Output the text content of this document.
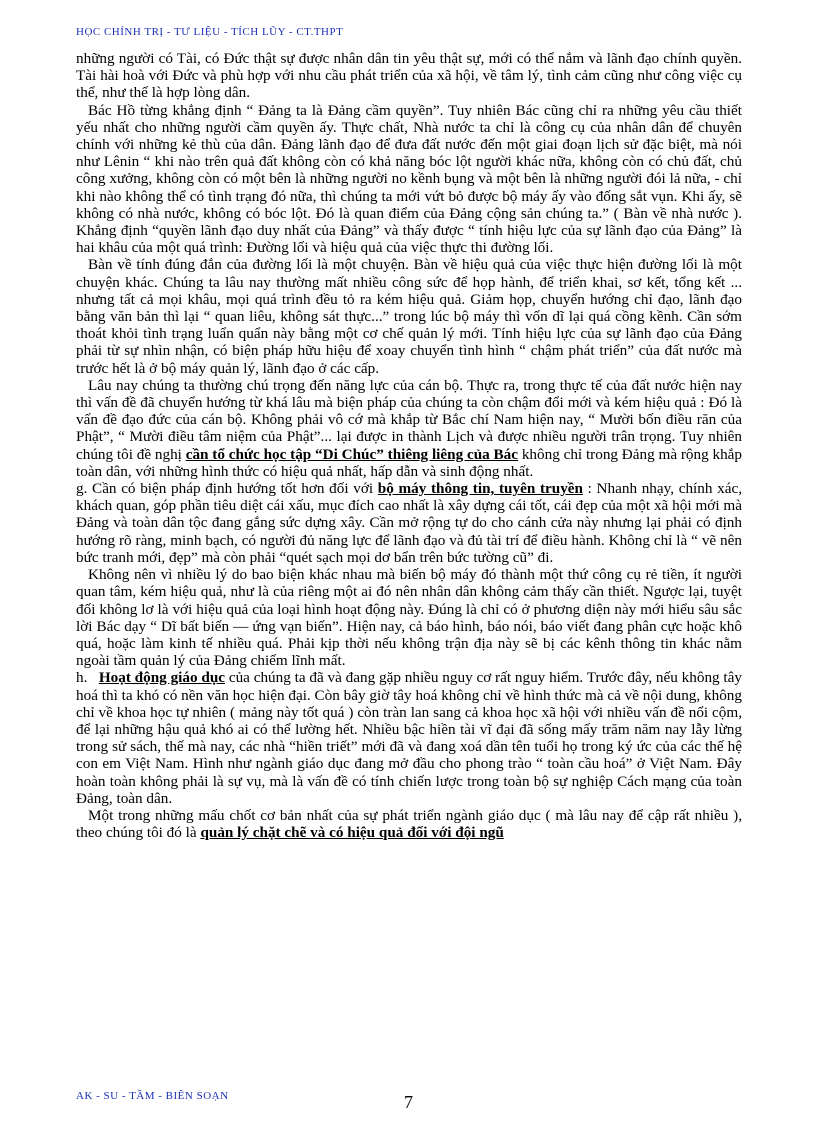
HỌC CHÍNH TRỊ - TƯ LIỆU - TÍCH LŨY - CT.THPT

những người có Tài, có Đức thật sự được nhân dân tin yêu thật sự, mới có thể nắm và lãnh đạo chính quyền. Tài hài hoà với Đức và phù hợp với nhu cầu phát triển của xã hội, về tâm lý, tình cảm cũng như công việc cụ thể, như thế là hợp lòng dân.

Bác Hồ từng khẳng định “ Đảng ta là Đảng cầm quyền”. Tuy nhiên Bác cũng chỉ ra những yêu cầu thiết yếu nhất cho những người cầm quyền ấy. Thực chất, Nhà nước ta chỉ là công cụ của nhân dân để chuyên chính với những kẻ thù của dân. Đảng lãnh đạo để đưa đất nước đến một giai đoạn lịch sử đặc biệt, mà nói như Lênin “ khi nào trên quả đất không còn có khả năng bóc lột người khác nữa, không còn có chủ đất, chủ công xưởng, không còn có một bên là những người no kềnh bụng và một bên là những người đói lả nữa, - chỉ khi nào không thể có tình trạng đó nữa, thì chúng ta mới vứt bỏ được bộ máy ấy vào đống sắt vụn. Khi ấy, sẽ không có nhà nước, không có bóc lột. Đó là quan điểm của Đảng cộng sản chúng ta.” ( Bàn về nhà nước ). Khẳng định “quyền lãnh đạo duy nhất của Đảng” và thấy được “ tính hiệu lực của sự lãnh đạo của Đảng” là hai khâu của một quá trình: Đường lối và hiệu quả của việc thực thi đường lối.

Bàn về tính đúng đắn của đường lối là một chuyện. Bàn về hiệu quả của việc thực hiện đường lối là một chuyện khác. Chúng ta lâu nay thường mất nhiều công sức để họp hành, để triển khai, sơ kết, tổng kết ... nhưng tất cả mọi khâu, mọi quá trình đều tỏ ra kém hiệu quả. Giảm họp, chuyển hướng chỉ đạo, lãnh đạo bằng văn bản thì lại “ quan liêu, không sát thực...” trong lúc bộ máy thì vốn dĩ lại quá cồng kềnh. Cần sớm thoát khỏi tình trạng luẩn quẩn này bằng một cơ chế quản lý mới. Tính hiệu lực của sự lãnh đạo của Đảng phải từ sự nhìn nhận, có biện pháp hữu hiệu để xoay chuyển tình hình “ chậm phát triển” của đất nước mà trước hết là ở bộ máy quản lý, lãnh đạo ở các cấp.

Lâu nay chúng ta thường chú trọng đến năng lực của cán bộ. Thực ra, trong thực tế của đất nước hiện nay thì vấn đề đã chuyển hướng từ khá lâu mà biện pháp của chúng ta còn chậm đổi mới và kém hiệu quả : Đó là vấn đề đạo đức của cán bộ. Không phải vô cớ mà khắp từ Bắc chí Nam hiện nay, “ Mười bốn điều răn của Phật”, “ Mười điều tâm niệm của Phật”... lại được in thành Lịch và được nhiều người trân trọng. Tuy nhiên chúng tôi đề nghị cần tổ chức học tập “Di Chúc” thiêng liêng của Bác không chỉ trong Đảng mà rộng khắp toàn dân, với những hình thức có hiệu quả nhất, hấp dẫn và sinh động nhất.

g. Cần có biện pháp định hướng tốt hơn đối với bộ máy thông tin, tuyên truyền : Nhanh nhạy, chính xác, khách quan, góp phần tiêu diệt cái xấu, mục đích cao nhất là xây dựng cái tốt, cái đẹp của một xã hội mới mà Đảng và toàn dân tộc đang gắng sức dựng xây. Cần mở rộng tự do cho cánh cửa này nhưng lại phải có định hướng rõ ràng, minh bạch, có người đủ năng lực để lãnh đạo và đủ tài trí để điều hành. Không chỉ là “ vẽ nên bức tranh mới, đẹp” mà còn phải “quét sạch mọi dơ bẩn trên bức tường cũ” đi.

Không nên vì nhiều lý do bao biện khác nhau mà biến bộ máy đó thành một thứ công cụ rẻ tiền, ít người quan tâm, kém hiệu quả, như là của riêng một ai đó nên nhân dân không cảm thấy cần thiết. Ngược lại, tuyệt đối không lơ là với hiệu quả của loại hình hoạt động này. Đúng là chỉ có ở phương diện này mới hiểu sâu sắc lời Bác dạy “ Dĩ bất biến — ứng vạn biến”. Hiện nay, cả báo hình, báo nói, báo viết đang phân cực hoặc khô quá, hoặc làm kinh tế nhiều quá. Phải kịp thời nếu không trận địa này sẽ bị các kênh thông tin khác nằm ngoài tầm quản lý của Đảng chiếm lĩnh mất.

h. Hoạt động giáo dục của chúng ta đã và đang gặp nhiều nguy cơ rất nguy hiểm. Trước đây, nếu không tây hoá thì ta khó có nền văn học hiện đại. Còn bây giờ tây hoá không chỉ về hình thức mà cả về nội dung, không chỉ về khoa học tự nhiên ( mảng này tốt quá ) còn tràn lan sang cả khoa học xã hội với nhiều vấn đề nổi cộm, để lại những hậu quả khó ai có thể lường hết. Nhiều bậc hiền tài vĩ đại đã sống mấy trăm năm nay lẫy lừng trong sử sách, thế mà nay, các nhà “hiền triết” mới đã và đang xoá dần tên tuổi họ trong ký ức của các thế hệ con em Việt Nam. Hình như ngành giáo dục đang mở đầu cho phong trào “ toàn cầu hoá” ở Việt Nam. Đây hoàn toàn không phải là sự vụ, mà là vấn đề có tính chiến lược trong toàn bộ sự nghiệp Cách mạng của toàn Đảng, toàn dân.

Một trong những mấu chốt cơ bản nhất của sự phát triển ngành giáo dục ( mà lâu nay để cập rất nhiều ), theo chúng tôi đó là quản lý chặt chẽ và có hiệu quả đối với đội ngũ

AK - SU - TẦM - BIÊN SOẠN	7
